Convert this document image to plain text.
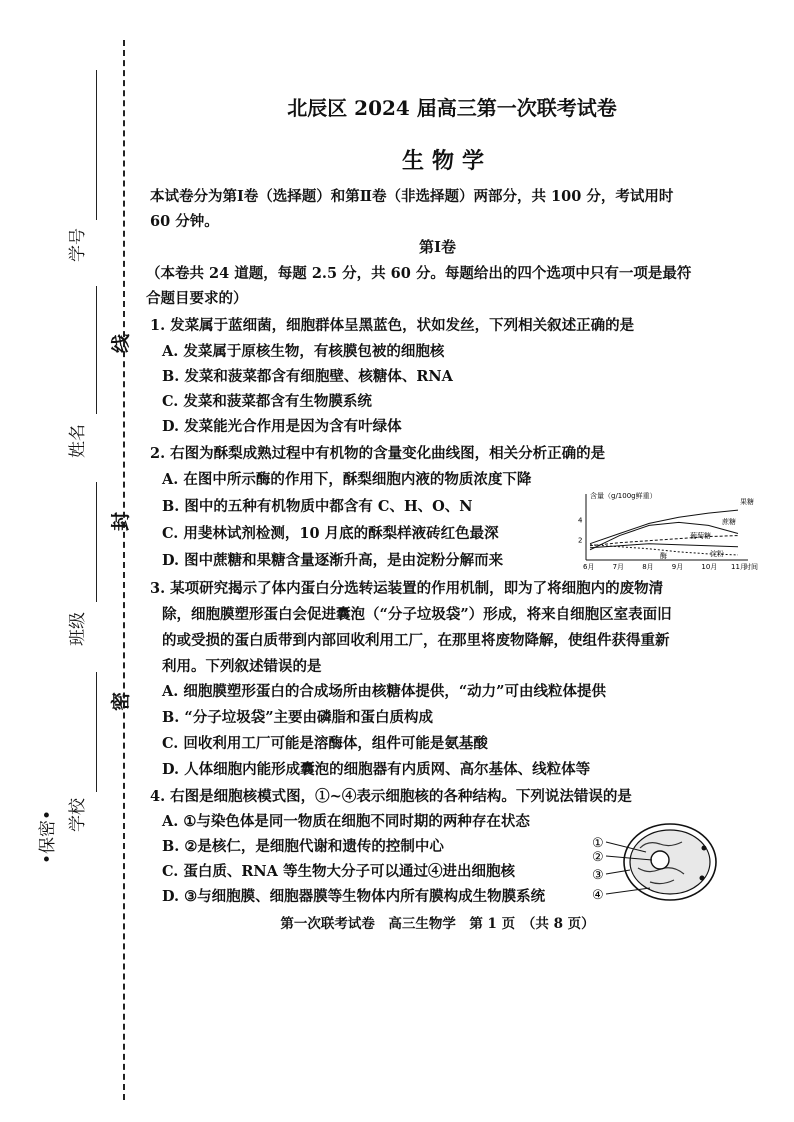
学号
姓名
班级
学校
•保密•
线
封
密
北辰区 2024 届高三第一次联考试卷
生物学
本试卷分为第Ⅰ卷（选择题）和第Ⅱ卷（非选择题）两部分，共 100 分，考试用时
60 分钟。
第Ⅰ卷
（本卷共 24 道题，每题 2.5 分，共 60 分。每题给出的四个选项中只有一项是最符
合题目要求的）
1. 发菜属于蓝细菌，细胞群体呈黑蓝色，状如发丝，下列相关叙述正确的是
A. 发菜属于原核生物，有核膜包被的细胞核
B. 发菜和菠菜都含有细胞壁、核糖体、RNA
C. 发菜和菠菜都含有生物膜系统
D. 发菜能光合作用是因为含有叶绿体
2. 右图为酥梨成熟过程中有机物的含量变化曲线图，相关分析正确的是
A. 在图中所示酶的作用下，酥梨细胞内液的物质浓度下降
B. 图中的五种有机物质中都含有 C、H、O、N
C. 用斐林试剂检测，10 月底的酥梨样液砖红色最深
D. 图中蔗糖和果糖含量逐渐升高，是由淀粉分解而来
含量（g/100g鲜重）
时间
2
4
6月	7月	8月	9月	10月 11月
果糖
蔗糖
葡萄糖
酶	淀粉
3. 某项研究揭示了体内蛋白分选转运装置的作用机制，即为了将细胞内的废物清
除，细胞膜塑形蛋白会促进囊泡（“分子垃圾袋”）形成，将来自细胞区室表面旧
的或受损的蛋白质带到内部回收利用工厂，在那里将废物降解，使组件获得重新
利用。下列叙述错误的是
A. 细胞膜塑形蛋白的合成场所由核糖体提供，“动力”可由线粒体提供
B. “分子垃圾袋”主要由磷脂和蛋白质构成
C. 回收利用工厂可能是溶酶体，组件可能是氨基酸
D. 人体细胞内能形成囊泡的细胞器有内质网、高尔基体、线粒体等
4. 右图是细胞核模式图，①~④表示细胞核的各种结构。下列说法错误的是
A. ①与染色体是同一物质在细胞不同时期的两种存在状态
B. ②是核仁，是细胞代谢和遗传的控制中心
C. 蛋白质、RNA 等生物大分子可以通过④进出细胞核
D. ③与细胞膜、细胞器膜等生物体内所有膜构成生物膜系统
①
②
③
④
第一次联考试卷　高三生物学　第 1 页　（共 8 页）
